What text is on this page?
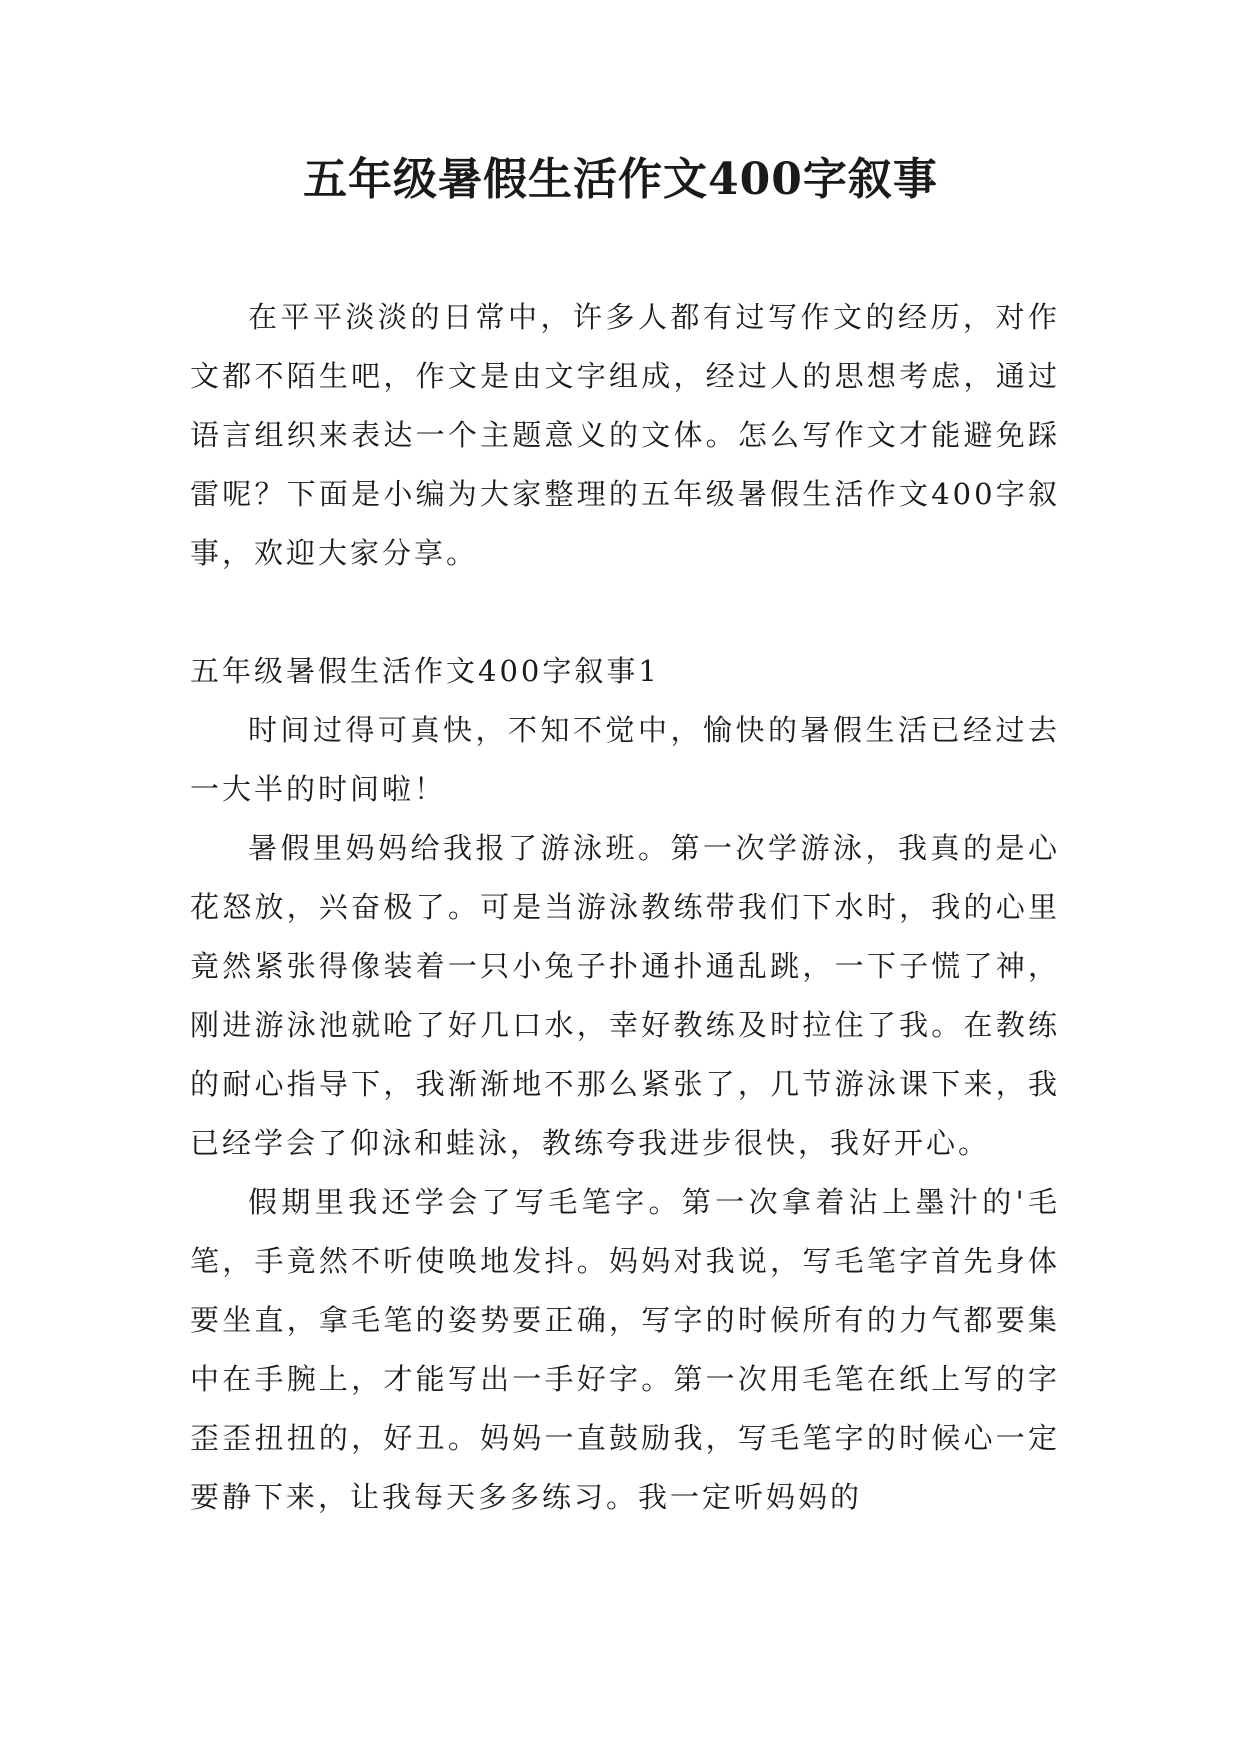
五年级暑假生活作文400字叙事

在平平淡淡的日常中，许多人都有过写作文的经历，对作文都不陌生吧，作文是由文字组成，经过人的思想考虑，通过语言组织来表达一个主题意义的文体。怎么写作文才能避免踩雷呢？下面是小编为大家整理的五年级暑假生活作文400字叙事，欢迎大家分享。

五年级暑假生活作文400字叙事1

时间过得可真快，不知不觉中，愉快的暑假生活已经过去一大半的时间啦！

暑假里妈妈给我报了游泳班。第一次学游泳，我真的是心花怒放，兴奋极了。可是当游泳教练带我们下水时，我的心里竟然紧张得像装着一只小兔子扑通扑通乱跳，一下子慌了神，刚进游泳池就呛了好几口水，幸好教练及时拉住了我。在教练的耐心指导下，我渐渐地不那么紧张了，几节游泳课下来，我已经学会了仰泳和蛙泳，教练夸我进步很快，我好开心。

假期里我还学会了写毛笔字。第一次拿着沾上墨汁的'毛笔，手竟然不听使唤地发抖。妈妈对我说，写毛笔字首先身体要坐直，拿毛笔的姿势要正确，写字的时候所有的力气都要集中在手腕上，才能写出一手好字。第一次用毛笔在纸上写的字歪歪扭扭的，好丑。妈妈一直鼓励我，写毛笔字的时候心一定要静下来，让我每天多多练习。我一定听妈妈的
